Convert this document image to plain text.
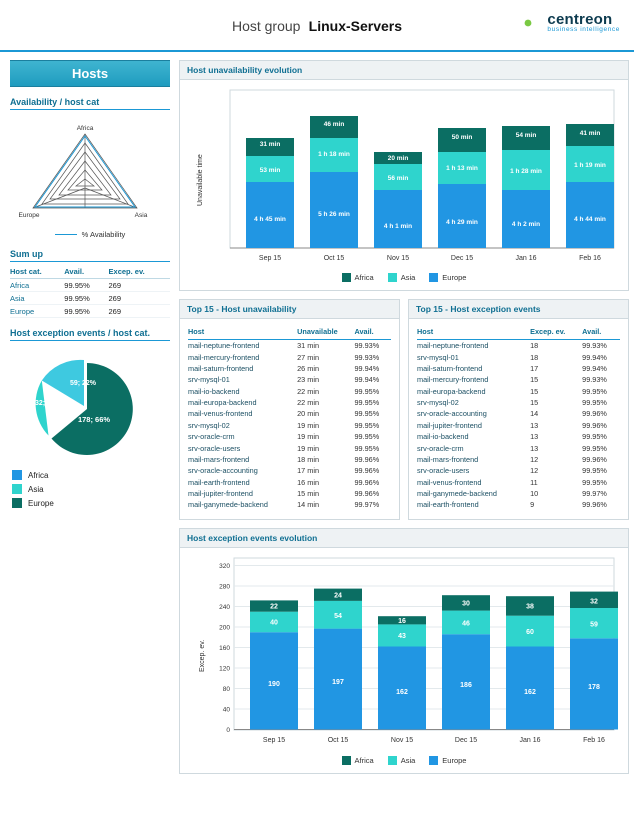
Host group Linux-Servers	centreon
business intelligence
Hosts
Availability / host cat
Africa
Asia
Europe
% Availability
Sum up
Host cat.	Avail.	Excep. ev.
Africa	99.95%	269
Asia	99.95%	269
Europe	99.95%	269
Host exception events / host cat.
178; 66%
59; 22%
32; 12%
Africa
Asia
Europe
Host unavailability evolution
Unavailable time
31 min
53 min
4 h 45 min
46 min
1 h 18 min
5 h 26 min
20 min
56 min
4 h 1 min
50 min
1 h 13 min
4 h 29 min
54 min
1 h 28 min
4 h 2 min
41 min
1 h 19 min
4 h 44 min
Sep 15	Oct 15	Nov 15	Dec 15	Jan 16	Feb 16
Africa	Asia	Europe
Top 15 - Host unavailability
Host	Unavailable	Avail.
mail-neptune-frontend	31 min	99.93%
mail-mercury-frontend	27 min	99.93%
mail-saturn-frontend	26 min	99.94%
srv-mysql-01	23 min	99.94%
mail-io-backend	22 min	99.95%
mail-europa-backend	22 min	99.95%
mail-venus-frontend	20 min	99.95%
srv-mysql-02	19 min	99.95%
srv-oracle-crm	19 min	99.95%
srv-oracle-users	19 min	99.95%
mail-mars-frontend	18 min	99.96%
srv-oracle-accounting	17 min	99.96%
mail-earth-frontend	16 min	99.96%
mail-jupiter-frontend	15 min	99.96%
mail-ganymede-backend	14 min	99.97%
Top 15 - Host exception events
Host	Excep. ev.	Avail.
mail-neptune-frontend	18	99.93%
srv-mysql-01	18	99.94%
mail-saturn-frontend	17	99.94%
mail-mercury-frontend	15	99.93%
mail-europa-backend	15	99.95%
srv-mysql-02	15	99.95%
srv-oracle-accounting	14	99.96%
mail-jupiter-frontend	13	99.96%
mail-io-backend	13	99.95%
srv-oracle-crm	13	99.95%
mail-mars-frontend	12	99.96%
srv-oracle-users	12	99.95%
mail-venus-frontend	11	99.95%
mail-ganymede-backend	10	99.97%
mail-earth-frontend	9	99.96%
Host exception events evolution
Excep. ev.
0
40
80
120
160
200
240
280
320
22
40
190
24
54
197
16
43
162
30
46
186
38
60
162
32
59
178
Sep 15	Oct 15	Nov 15	Dec 15	Jan 16	Feb 16
Africa	Asia	Europe
